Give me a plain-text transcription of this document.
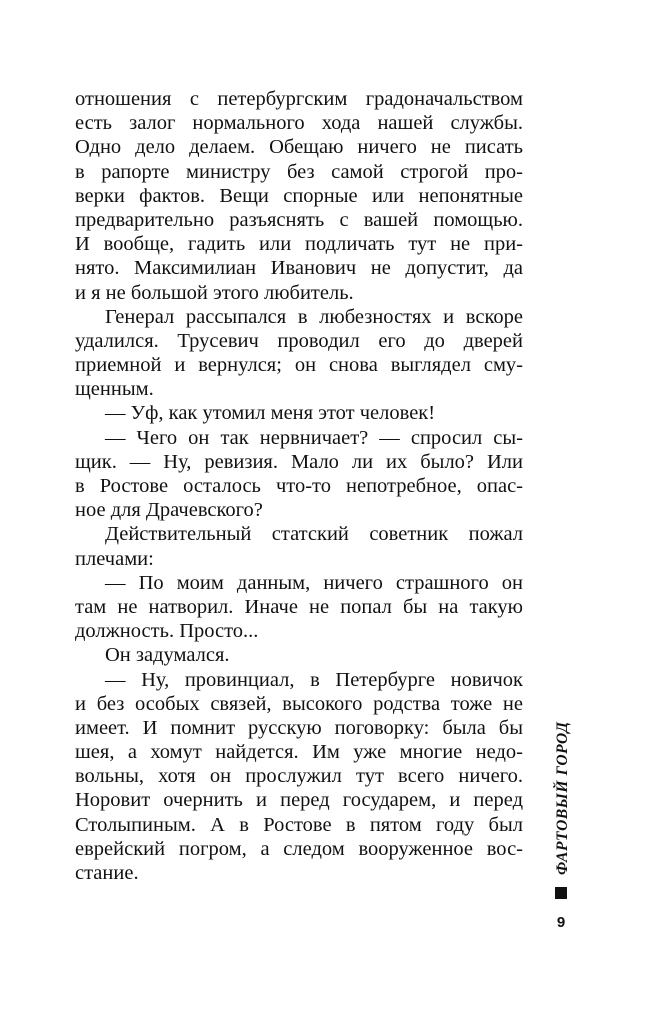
отношения с петербургским градоначальством
есть залог нормального хода нашей службы.
Одно дело делаем. Обещаю ничего не писать
в рапорте министру без самой строгой про-
верки фактов. Вещи спорные или непонятные
предварительно разъяснять с вашей помощью.
И вообще, гадить или подличать тут не при-
нято. Максимилиан Иванович не допустит, да
и я не большой этого любитель.
Генерал рассыпался в любезностях и вскоре
удалился. Трусевич проводил его до дверей
приемной и вернулся; он снова выглядел сму-
щенным.
— Уф, как утомил меня этот человек!
— Чего он так нервничает? — спросил сы-
щик. — Ну, ревизия. Мало ли их было? Или
в Ростове осталось что-то непотребное, опас-
ное для Драчевского?
Действительный статский советник пожал
плечами:
— По моим данным, ничего страшного он
там не натворил. Иначе не попал бы на такую
должность. Просто...
Он задумался.
— Ну, провинциал, в Петербурге новичок
и без особых связей, высокого родства тоже не
имеет. И помнит русскую поговорку: была бы
шея, а хомут найдется. Им уже многие недо-
вольны, хотя он прослужил тут всего ничего.
Норовит очернить и перед государем, и перед
Столыпиным. А в Ростове в пятом году был
еврейский погром, а следом вооруженное вос-
стание.	ФАРТОВЫЙ ГОРОД
9
